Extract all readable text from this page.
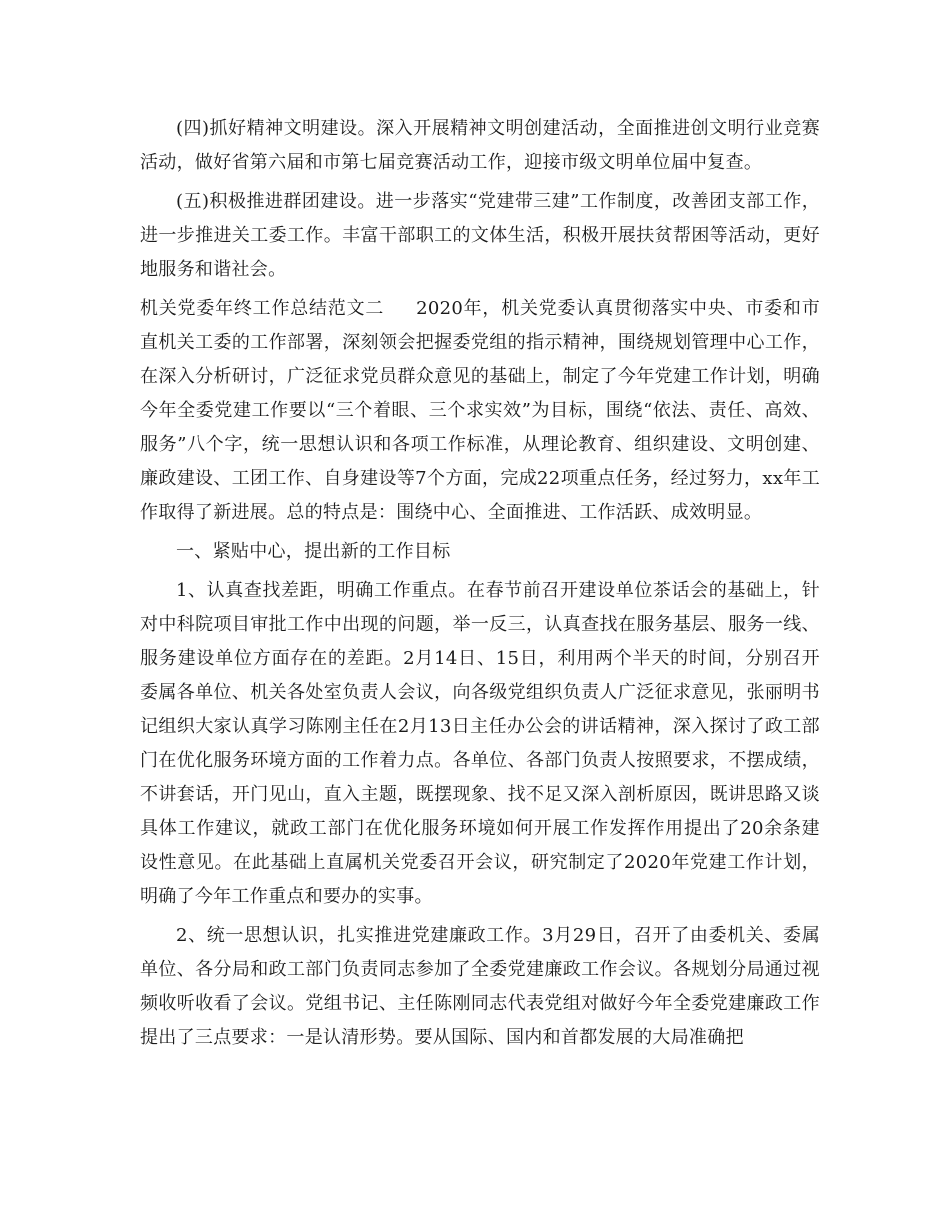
(四)抓好精神文明建设。深入开展精神文明创建活动，全面推进创文明行业竞赛活动，做好省第六届和市第七届竞赛活动工作，迎接市级文明单位届中复查。

(五)积极推进群团建设。进一步落实“党建带三建”工作制度，改善团支部工作，进一步推进关工委工作。丰富干部职工的文体生活，积极开展扶贫帮困等活动，更好地服务和谐社会。

机关党委年终工作总结范文二 2020年，机关党委认真贯彻落实中央、市委和市直机关工委的工作部署，深刻领会把握委党组的指示精神，围绕规划管理中心工作，在深入分析研讨，广泛征求党员群众意见的基础上，制定了今年党建工作计划，明确今年全委党建工作要以“三个着眼、三个求实效”为目标，围绕“依法、责任、高效、服务”八个字，统一思想认识和各项工作标准，从理论教育、组织建设、文明创建、廉政建设、工团工作、自身建设等7个方面，完成22项重点任务，经过努力，xx年工作取得了新进展。总的特点是：围绕中心、全面推进、工作活跃、成效明显。

一、紧贴中心，提出新的工作目标

1、认真查找差距，明确工作重点。在春节前召开建设单位茶话会的基础上，针对中科院项目审批工作中出现的问题，举一反三，认真查找在服务基层、服务一线、服务建设单位方面存在的差距。2月14日、15日，利用两个半天的时间，分别召开委属各单位、机关各处室负责人会议，向各级党组织负责人广泛征求意见，张丽明书记组织大家认真学习陈刚主任在2月13日主任办公会的讲话精神，深入探讨了政工部门在优化服务环境方面的工作着力点。各单位、各部门负责人按照要求，不摆成绩，不讲套话，开门见山，直入主题，既摆现象、找不足又深入剖析原因，既讲思路又谈具体工作建议，就政工部门在优化服务环境如何开展工作发挥作用提出了20余条建设性意见。在此基础上直属机关党委召开会议，研究制定了2020年党建工作计划，明确了今年工作重点和要办的实事。

2、统一思想认识，扎实推进党建廉政工作。3月29日，召开了由委机关、委属单位、各分局和政工部门负责同志参加了全委党建廉政工作会议。各规划分局通过视频收听收看了会议。党组书记、主任陈刚同志代表党组对做好今年全委党建廉政工作提出了三点要求：一是认清形势。要从国际、国内和首都发展的大局准确把
